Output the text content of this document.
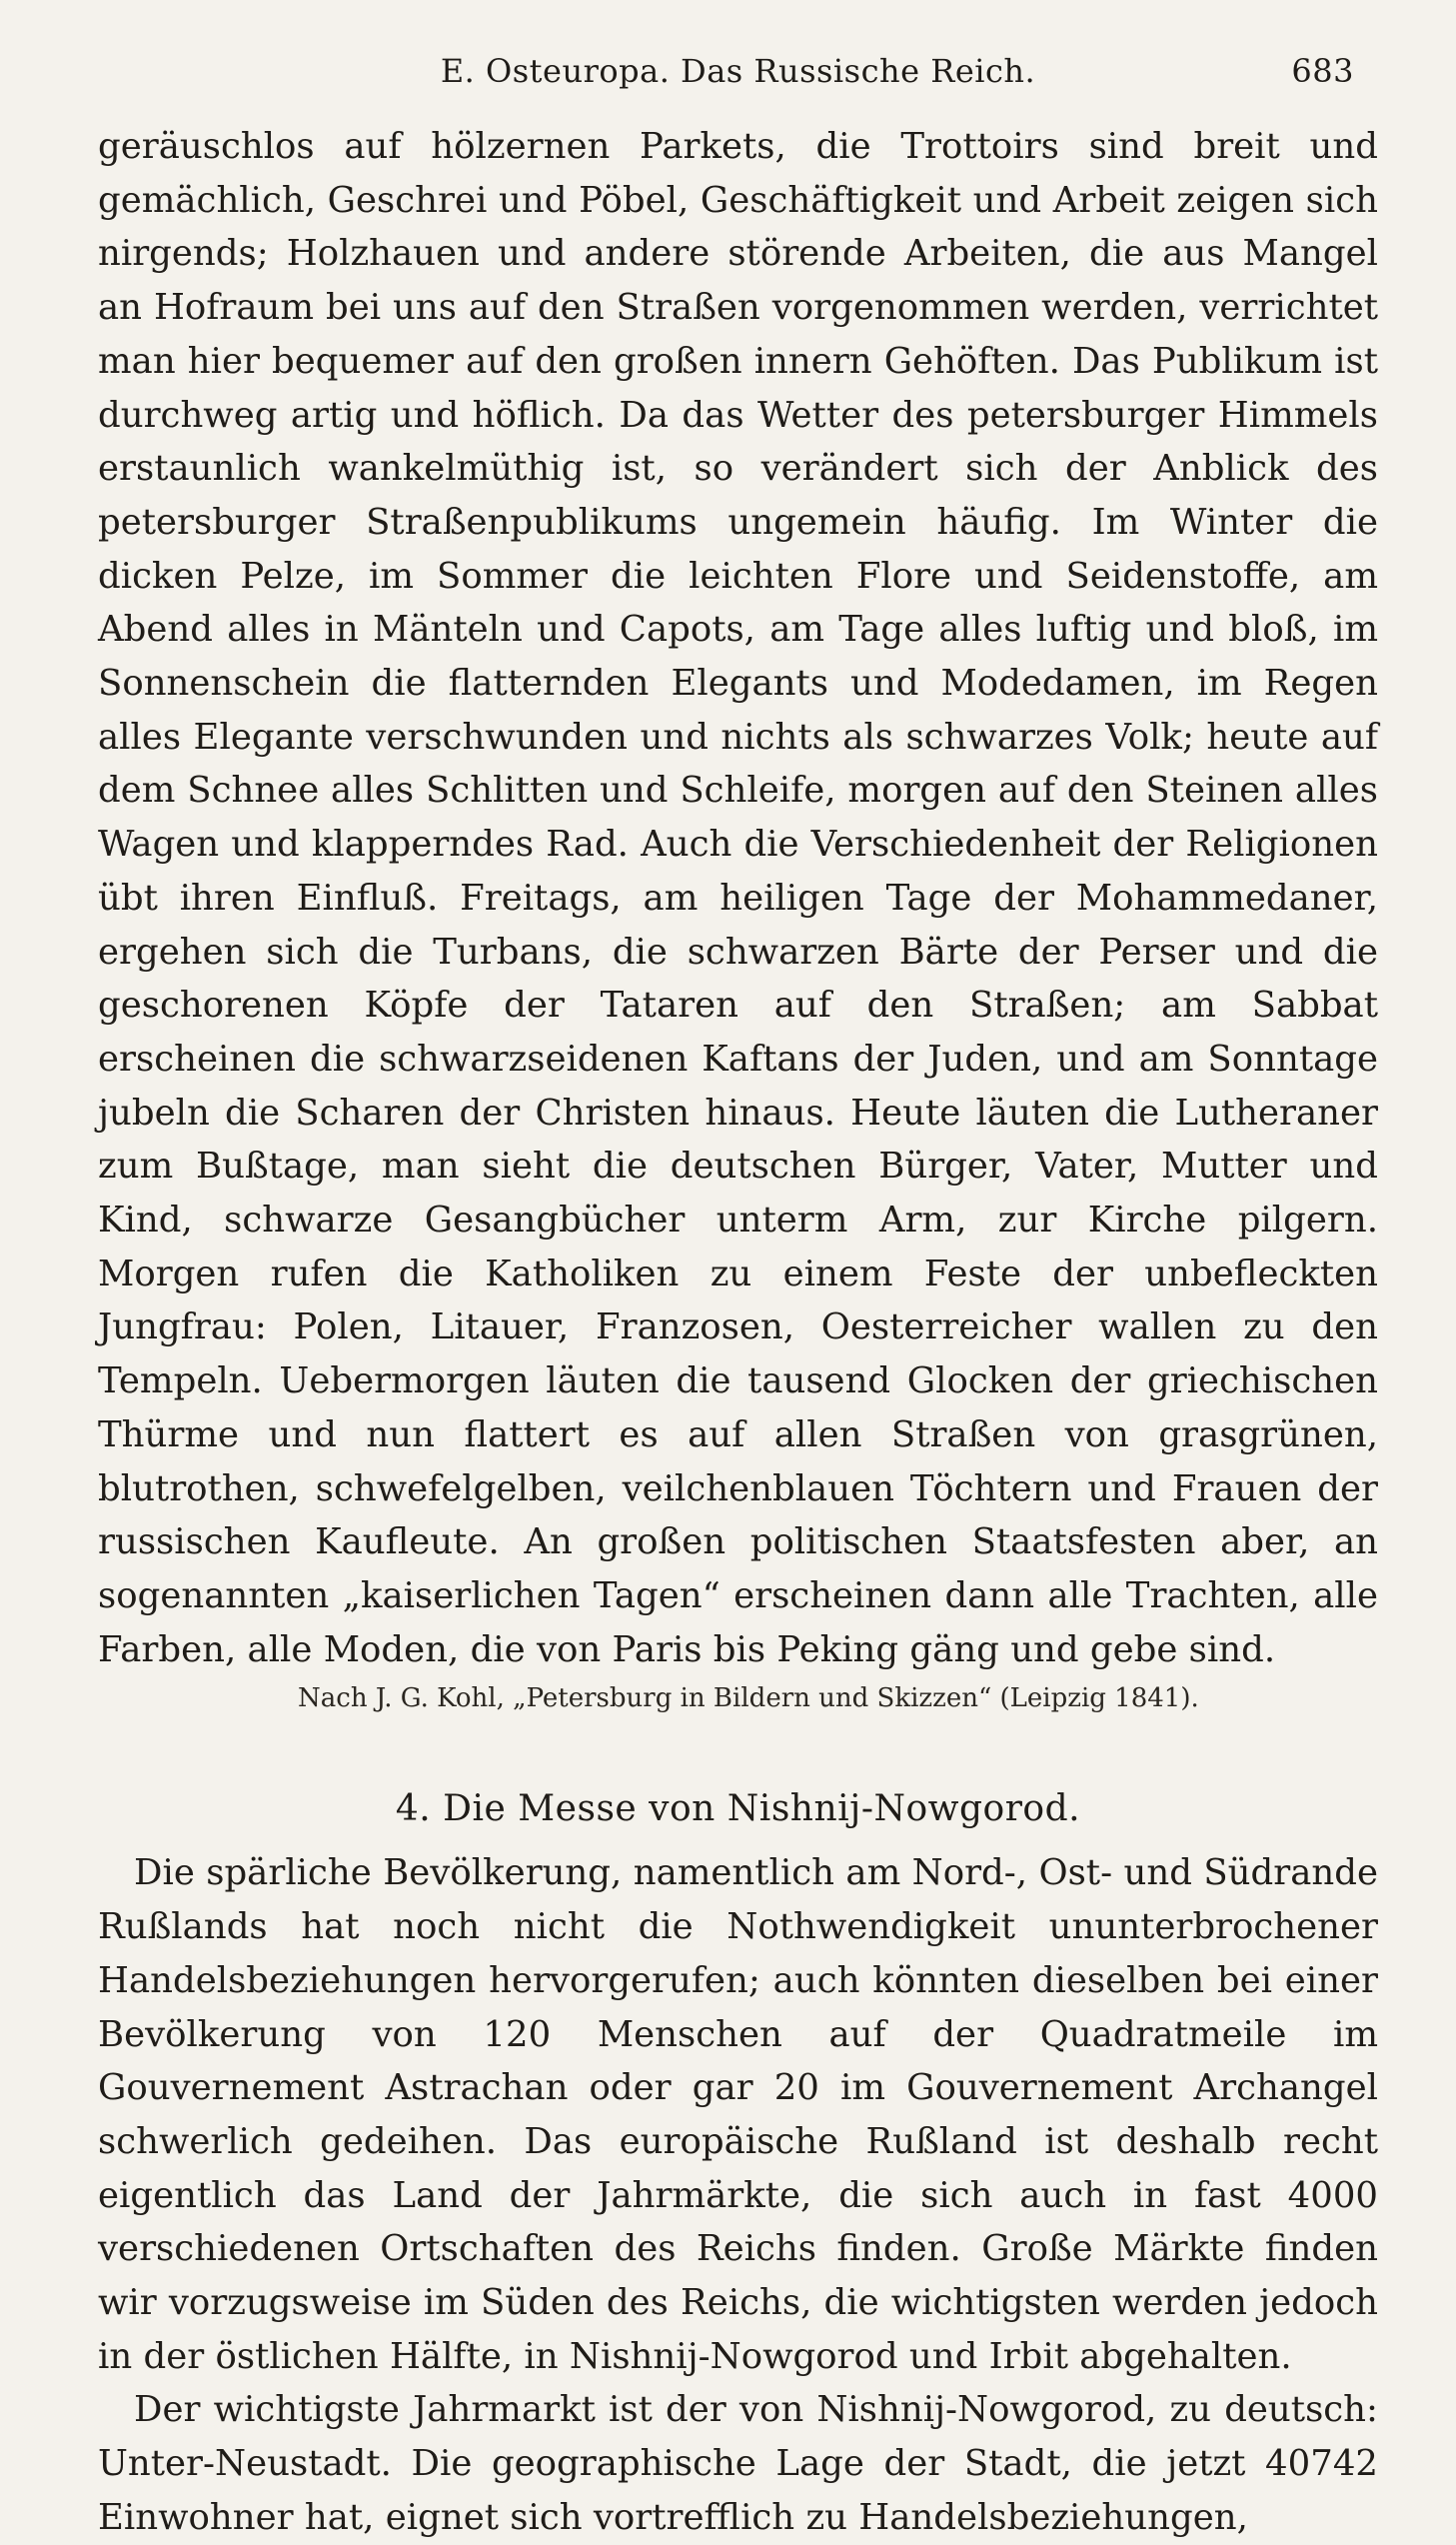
E. Osteuropa. Das Russische Reich.	683

geräuschlos auf hölzernen Parkets, die Trottoirs sind breit und gemächlich, Geschrei und Pöbel, Geschäftigkeit und Arbeit zeigen sich nirgends; Holzhauen und andere störende Arbeiten, die aus Mangel an Hofraum bei uns auf den Straßen vorgenommen werden, verrichtet man hier bequemer auf den großen innern Gehöften. Das Publikum ist durchweg artig und höflich. Da das Wetter des petersburger Himmels erstaunlich wankelmüthig ist, so verändert sich der Anblick des petersburger Straßenpublikums ungemein häufig. Im Winter die dicken Pelze, im Sommer die leichten Flore und Seidenstoffe, am Abend alles in Mänteln und Capots, am Tage alles luftig und bloß, im Sonnenschein die flatternden Elegants und Modedamen, im Regen alles Elegante verschwunden und nichts als schwarzes Volk; heute auf dem Schnee alles Schlitten und Schleife, morgen auf den Steinen alles Wagen und klapperndes Rad. Auch die Verschiedenheit der Religionen übt ihren Einfluß. Freitags, am heiligen Tage der Mohammedaner, ergehen sich die Turbans, die schwarzen Bärte der Perser und die geschorenen Köpfe der Tataren auf den Straßen; am Sabbat erscheinen die schwarzseidenen Kaftans der Juden, und am Sonntage jubeln die Scharen der Christen hinaus. Heute läuten die Lutheraner zum Bußtage, man sieht die deutschen Bürger, Vater, Mutter und Kind, schwarze Gesangbücher unterm Arm, zur Kirche pilgern. Morgen rufen die Katholiken zu einem Feste der unbefleckten Jungfrau: Polen, Litauer, Franzosen, Oesterreicher wallen zu den Tempeln. Uebermorgen läuten die tausend Glocken der griechischen Thürme und nun flattert es auf allen Straßen von grasgrünen, blutrothen, schwefelgelben, veilchenblauen Töchtern und Frauen der russischen Kaufleute. An großen politischen Staatsfesten aber, an sogenannten „kaiserlichen Tagen“ erscheinen dann alle Trachten, alle Farben, alle Moden, die von Paris bis Peking gäng und gebe sind.

Nach J. G. Kohl, „Petersburg in Bildern und Skizzen“ (Leipzig 1841).
4. Die Messe von Nishnij-Nowgorod.

Die spärliche Bevölkerung, namentlich am Nord-, Ost- und Südrande Rußlands hat noch nicht die Nothwendigkeit ununterbrochener Handelsbeziehungen hervorgerufen; auch könnten dieselben bei einer Bevölkerung von 120 Menschen auf der Quadratmeile im Gouvernement Astrachan oder gar 20 im Gouvernement Archangel schwerlich gedeihen. Das europäische Rußland ist deshalb recht eigentlich das Land der Jahrmärkte, die sich auch in fast 4000 verschiedenen Ortschaften des Reichs finden. Große Märkte finden wir vorzugsweise im Süden des Reichs, die wichtigsten werden jedoch in der östlichen Hälfte, in Nishnij-Nowgorod und Irbit abgehalten.

Der wichtigste Jahrmarkt ist der von Nishnij-Nowgorod, zu deutsch: Unter-Neustadt. Die geographische Lage der Stadt, die jetzt 40742 Einwohner hat, eignet sich vortrefflich zu Handelsbeziehungen,
